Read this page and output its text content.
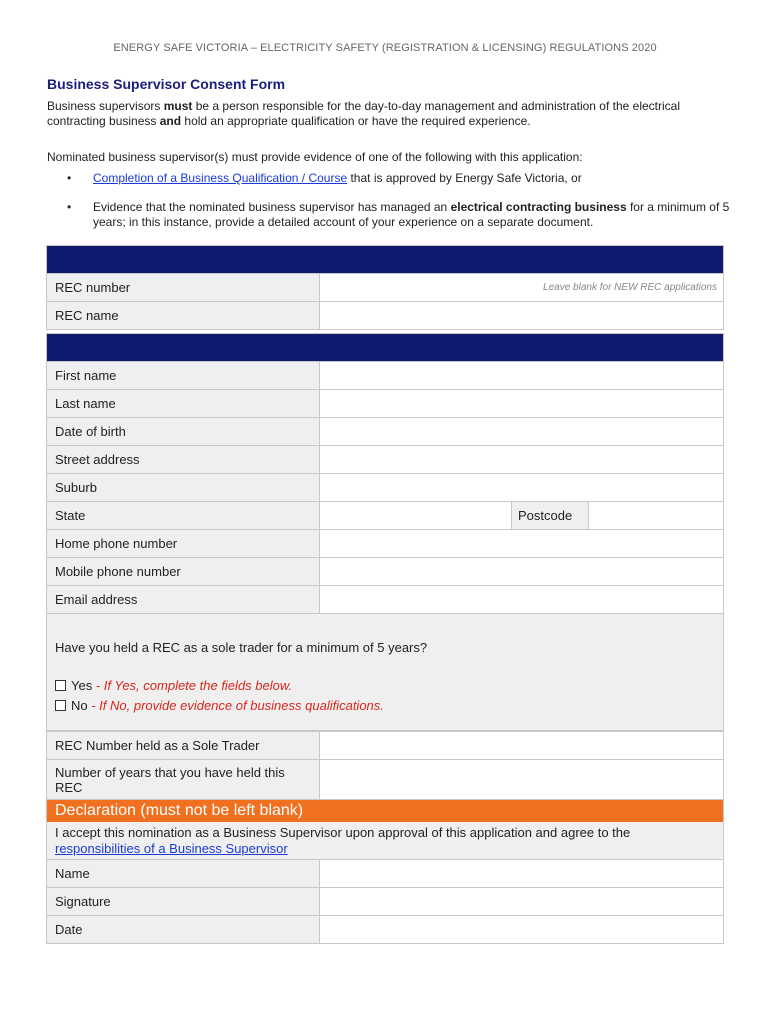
ENERGY SAFE VICTORIA – ELECTRICITY SAFETY (REGISTRATION & LICENSING) REGULATIONS 2020
Business Supervisor Consent Form
Business supervisors must be a person responsible for the day-to-day management and administration of the electrical contracting business and hold an appropriate qualification or have the required experience.
Nominated business supervisor(s) must provide evidence of one of the following with this application:
•	Completion of a Business Qualification / Course that is approved by Energy Safe Victoria, or
•	Evidence that the nominated business supervisor has managed an electrical contracting business for a minimum of 5 years; in this instance, provide a detailed account of your experience on a separate document.

REC number	Leave blank for NEW REC applications
REC name	

First name			
Last name			
Date of birth			
Street address			
Suburb			
State		Postcode	
Home phone number			
Mobile phone number			
Email address			
Have you held a REC as a sole trader for a minimum of 5 years?
Yes - If Yes, complete the fields below.
No - If No, provide evidence of business qualifications.
REC Number held as a Sole Trader	
Number of years that you have held this REC	
Declaration (must not be left blank)
I accept this nomination as a Business Supervisor upon approval of this application and agree to the responsibilities of a Business Supervisor
Name	
Signature	
Date	
